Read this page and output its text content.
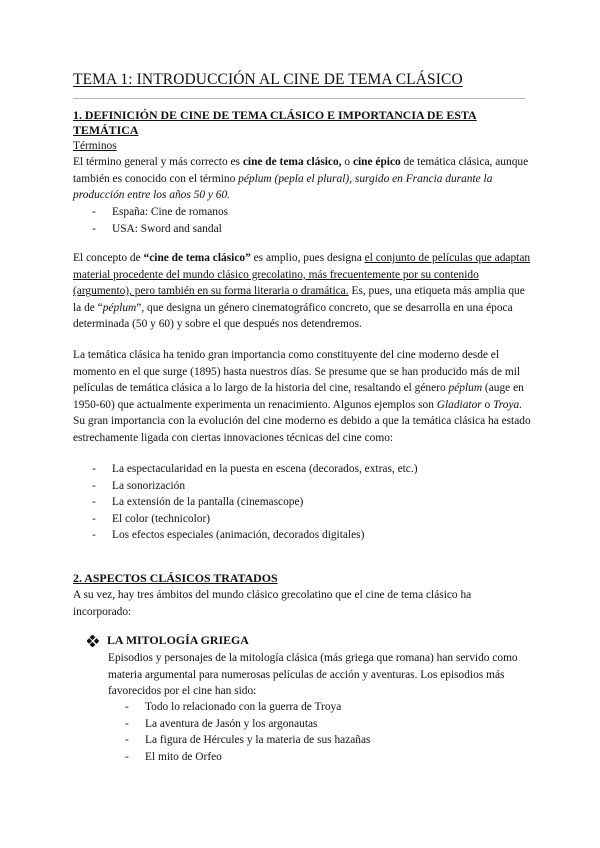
TEMA 1: INTRODUCCIÓN AL CINE DE TEMA CLÁSICO
1. DEFINICIÓN DE CINE DE TEMA CLÁSICO E IMPORTANCIA DE ESTA TEMÁTICA
Términos

El término general y más correcto es cine de tema clásico, o cine épico de temática clásica, aunque también es conocido con el término péplum (pepla el plural), surgido en Francia durante la producción entre los años 50 y 60.

- España: Cine de romanos
- USA: Sword and sandal

El concepto de “cine de tema clásico” es amplio, pues designa el conjunto de películas que adaptan material procedente del mundo clásico grecolatino, más frecuentemente por su contenido (argumento), pero también en su forma literaria o dramática. Es, pues, una etiqueta más amplia que la de “péplum”, que designa un género cinematográfico concreto, que se desarrolla en una época determinada (50 y 60) y sobre el que después nos detendremos.

La temática clásica ha tenido gran importancia como constituyente del cine moderno desde el momento en el que surge (1895) hasta nuestros días. Se presume que se han producido más de mil películas de temática clásica a lo largo de la historia del cine, resaltando el género péplum (auge en 1950-60) que actualmente experimenta un renacimiento. Algunos ejemplos son Gladiator o Troya.
Su gran importancia con la evolución del cine moderno es debido a que la temática clásica ha estado estrechamente ligada con ciertas innovaciones técnicas del cine como:

- La espectacularidad en la puesta en escena (decorados, extras, etc.)
- La sonorización
- La extensión de la pantalla (cinemascope)
- El color (technicolor)
- Los efectos especiales (animación, decorados digitales)
2. ASPECTOS CLÁSICOS TRATADOS

A su vez, hay tres ámbitos del mundo clásico grecolatino que el cine de tema clásico ha incorporado:

LA MITOLOGÍA GRIEGA

Episodios y personajes de la mitología clásica (más griega que romana) han servido como materia argumental para numerosas películas de acción y aventuras. Los episodios más favorecidos por el cine han sido:

- Todo lo relacionado con la guerra de Troya
- La aventura de Jasón y los argonautas
- La figura de Hércules y la materia de sus hazañas
- El mito de Orfeo
